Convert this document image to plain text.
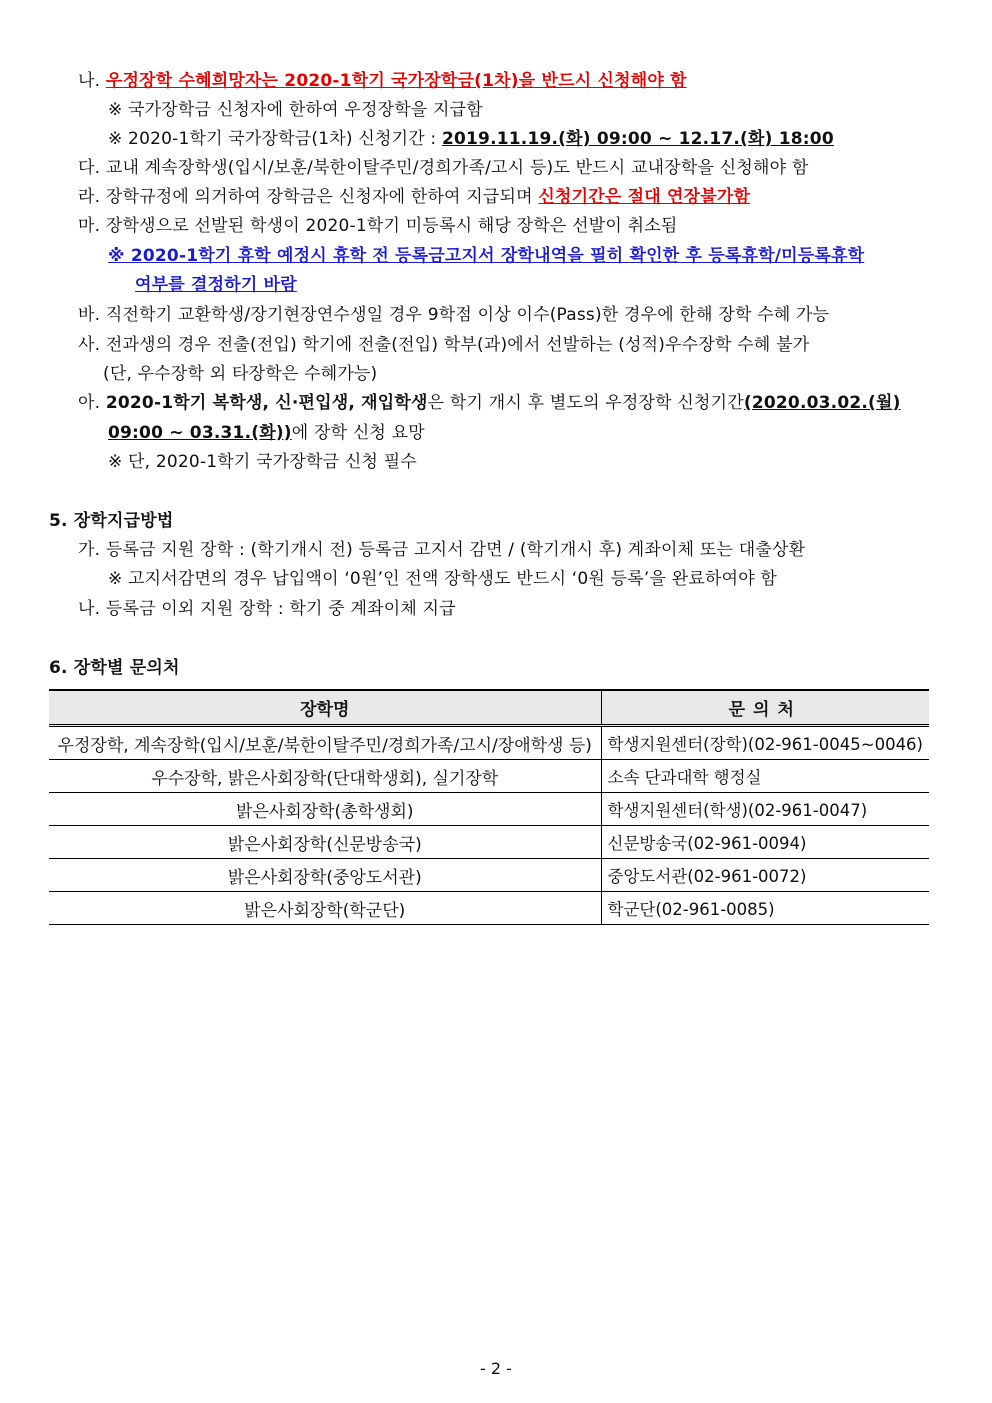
나. 우정장학 수혜희망자는 2020-1학기 국가장학금(1차)을 반드시 신청해야 함
※ 국가장학금 신청자에 한하여 우정장학을 지급함
※ 2020-1학기 국가장학금(1차) 신청기간 : 2019.11.19.(화) 09:00 ~ 12.17.(화) 18:00
다. 교내 계속장학생(입시/보훈/북한이탈주민/경희가족/고시 등)도 반드시 교내장학을 신청해야 함
라. 장학규정에 의거하여 장학금은 신청자에 한하여 지급되며 신청기간은 절대 연장불가함
마. 장학생으로 선발된 학생이 2020-1학기 미등록시 해당 장학은 선발이 취소됨
※ 2020-1학기 휴학 예정시 휴학 전 등록금고지서 장학내역을 필히 확인한 후 등록휴학/미등록휴학
여부를 결정하기 바람
바. 직전학기 교환학생/장기현장연수생일 경우 9학점 이상 이수(Pass)한 경우에 한해 장학 수혜 가능
사. 전과생의 경우 전출(전입) 학기에 전출(전입) 학부(과)에서 선발하는 (성적)우수장학 수혜 불가
(단, 우수장학 외 타장학은 수혜가능)
아. 2020-1학기 복학생, 신·편입생, 재입학생은 학기 개시 후 별도의 우정장학 신청기간(2020.03.02.(월)
09:00 ~ 03.31.(화))에 장학 신청 요망
※ 단, 2020-1학기 국가장학금 신청 필수
5. 장학지급방법
가. 등록금 지원 장학 : (학기개시 전) 등록금 고지서 감면 / (학기개시 후) 계좌이체 또는 대출상환
※ 고지서감면의 경우 납입액이 ‘0원’인 전액 장학생도 반드시 ‘0원 등록’을 완료하여야 함
나. 등록금 이외 지원 장학 : 학기 중 계좌이체 지급
6. 장학별 문의처
장학명	문의처
우정장학, 계속장학(입시/보훈/북한이탈주민/경희가족/고시/장애학생 등)	학생지원센터(장학)(02-961-0045~0046)
우수장학, 밝은사회장학(단대학생회), 실기장학	소속 단과대학 행정실
밝은사회장학(총학생회)	학생지원센터(학생)(02-961-0047)
밝은사회장학(신문방송국)	신문방송국(02-961-0094)
밝은사회장학(중앙도서관)	중앙도서관(02-961-0072)
밝은사회장학(학군단)	학군단(02-961-0085)
- 2 -
